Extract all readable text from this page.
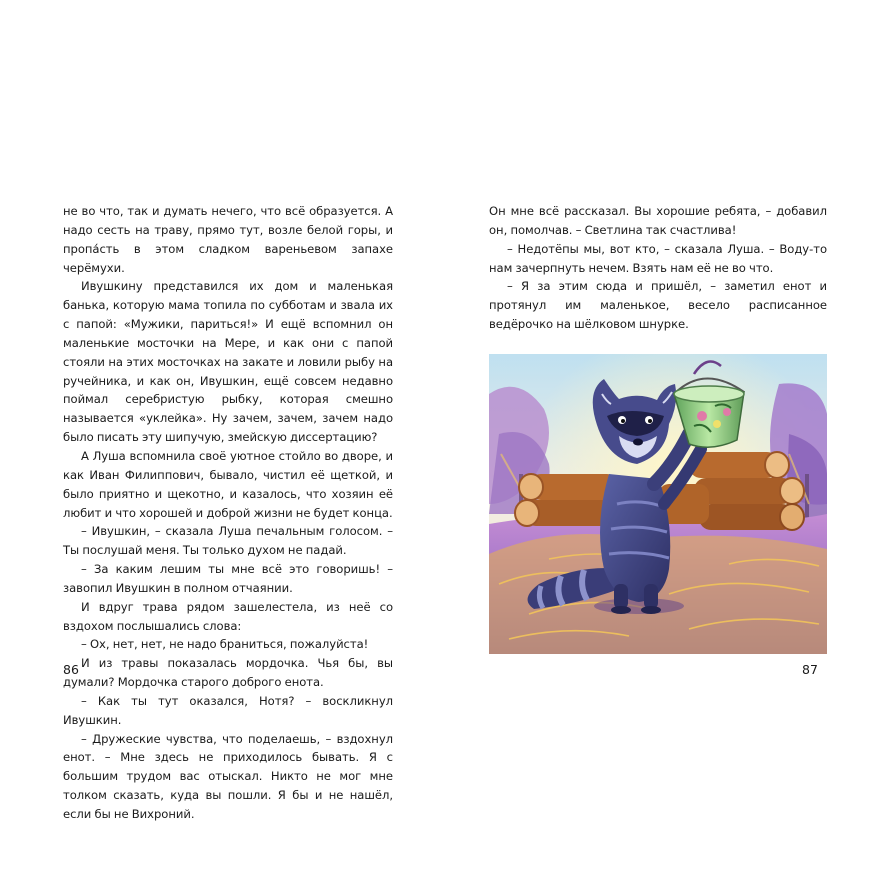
не во что, так и думать нечего, что всё образуется. А надо сесть на траву, прямо тут, возле белой горы, и пропа́сть в этом сладком вареньевом запахе черёмухи.

Ивушкину представился их дом и маленькая банька, которую мама топила по субботам и звала их с папой: «Мужики, париться!» И ещё вспомнил он маленькие мосточки на Мере, и как они с папой стояли на этих мосточках на закате и ловили рыбу на ручейника, и как он, Ивушкин, ещё совсем недавно поймал серебристую рыбку, которая смешно называется «уклейка». Ну зачем, зачем, зачем надо было писать эту шипучую, змейскую диссертацию?

А Луша вспомнила своё уютное стойло во дворе, и как Иван Филиппович, бывало, чистил её щеткой, и было приятно и щекотно, и казалось, что хозяин её любит и что хорошей и доброй жизни не будет конца.

– Ивушкин, – сказала Луша печальным голосом. – Ты послушай меня. Ты только духом не падай.

– За каким лешим ты мне всё это говоришь! – завопил Ивушкин в полном отчаянии.

И вдруг трава рядом зашелестела, из неё со вздохом послышались слова:

– Ох, нет, нет, не надо браниться, пожалуйста!

И из травы показалась мордочка. Чья бы, вы думали? Мордочка старого доброго енота.

– Как ты тут оказался, Нотя? – воскликнул Ивушкин.

– Дружеские чувства, что поделаешь, – вздохнул енот. – Мне здесь не приходилось бывать. Я с большим трудом вас отыскал. Никто не мог мне толком сказать, куда вы пошли. Я бы и не нашёл, если бы не Вихроний.

86

Он мне всё рассказал. Вы хорошие ребята, – добавил он, помолчав. – Светлина так счастлива!

– Недотёпы мы, вот кто, – сказала Луша. – Воду-то нам зачерпнуть нечем. Взять нам её не во что.

– Я за этим сюда и пришёл, – заметил енот и протянул им маленькое, весело расписанное ведёрочко на шёлковом шнурке.

87
